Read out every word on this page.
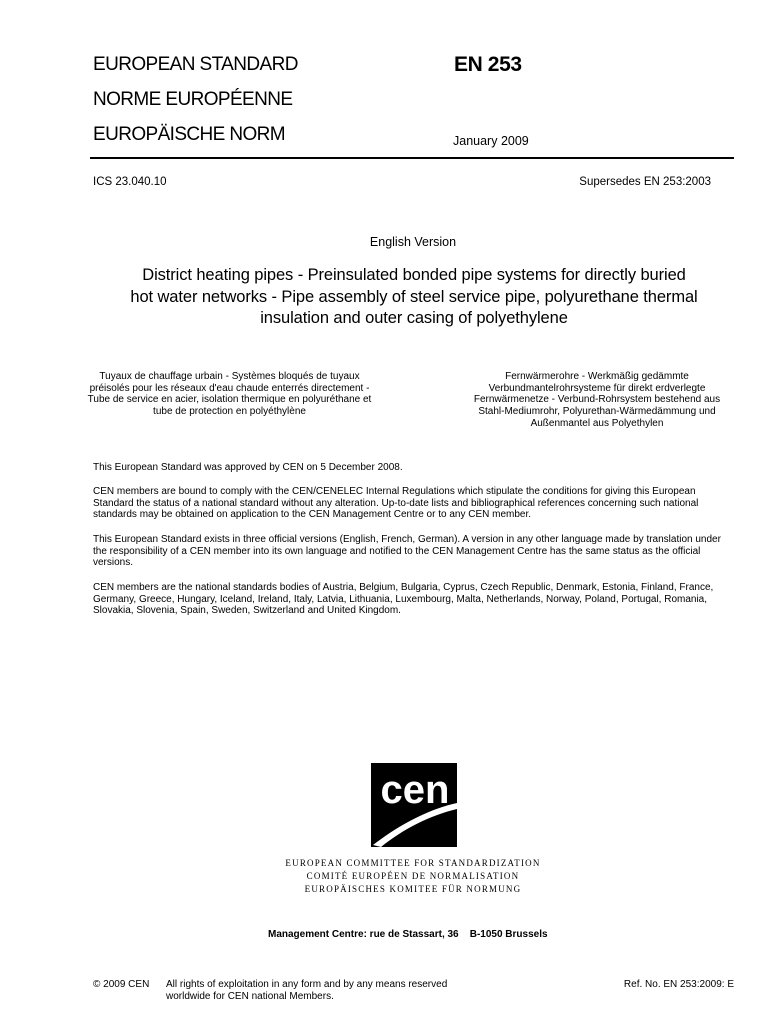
EUROPEAN STANDARD
NORME EUROPÉENNE
EUROPÄISCHE NORM
EN 253
January 2009
ICS 23.040.10	Supersedes EN 253:2003
English Version
District heating pipes - Preinsulated bonded pipe systems for directly buried hot water networks - Pipe assembly of steel service pipe, polyurethane thermal insulation and outer casing of polyethylene
Tuyaux de chauffage urbain - Systèmes bloqués de tuyaux préisolés pour les réseaux d'eau chaude enterrés directement - Tube de service en acier, isolation thermique en polyuréthane et tube de protection en polyéthylène
Fernwärmerohre - Werkmäßig gedämmte Verbundmantelrohrsysteme für direkt erdverlegte Fernwärmenetze - Verbund-Rohrsystem bestehend aus Stahl-Mediumrohr, Polyurethan-Wärmedämmung und Außenmantel aus Polyethylen
This European Standard was approved by CEN on 5 December 2008.
CEN members are bound to comply with the CEN/CENELEC Internal Regulations which stipulate the conditions for giving this European Standard the status of a national standard without any alteration. Up-to-date lists and bibliographical references concerning such national standards may be obtained on application to the CEN Management Centre or to any CEN member.
This European Standard exists in three official versions (English, French, German). A version in any other language made by translation under the responsibility of a CEN member into its own language and notified to the CEN Management Centre has the same status as the official versions.
CEN members are the national standards bodies of Austria, Belgium, Bulgaria, Cyprus, Czech Republic, Denmark, Estonia, Finland, France, Germany, Greece, Hungary, Iceland, Ireland, Italy, Latvia, Lithuania, Luxembourg, Malta, Netherlands, Norway, Poland, Portugal, Romania, Slovakia, Slovenia, Spain, Sweden, Switzerland and United Kingdom.
cen
EUROPEAN COMMITTEE FOR STANDARDIZATION
COMITÉ EUROPÉEN DE NORMALISATION
EUROPÄISCHES KOMITEE FÜR NORMUNG
Management Centre: rue de Stassart, 36    B-1050 Brussels
© 2009 CEN All rights of exploitation in any form and by any means reserved worldwide for CEN national Members.
Ref. No. EN 253:2009: E
